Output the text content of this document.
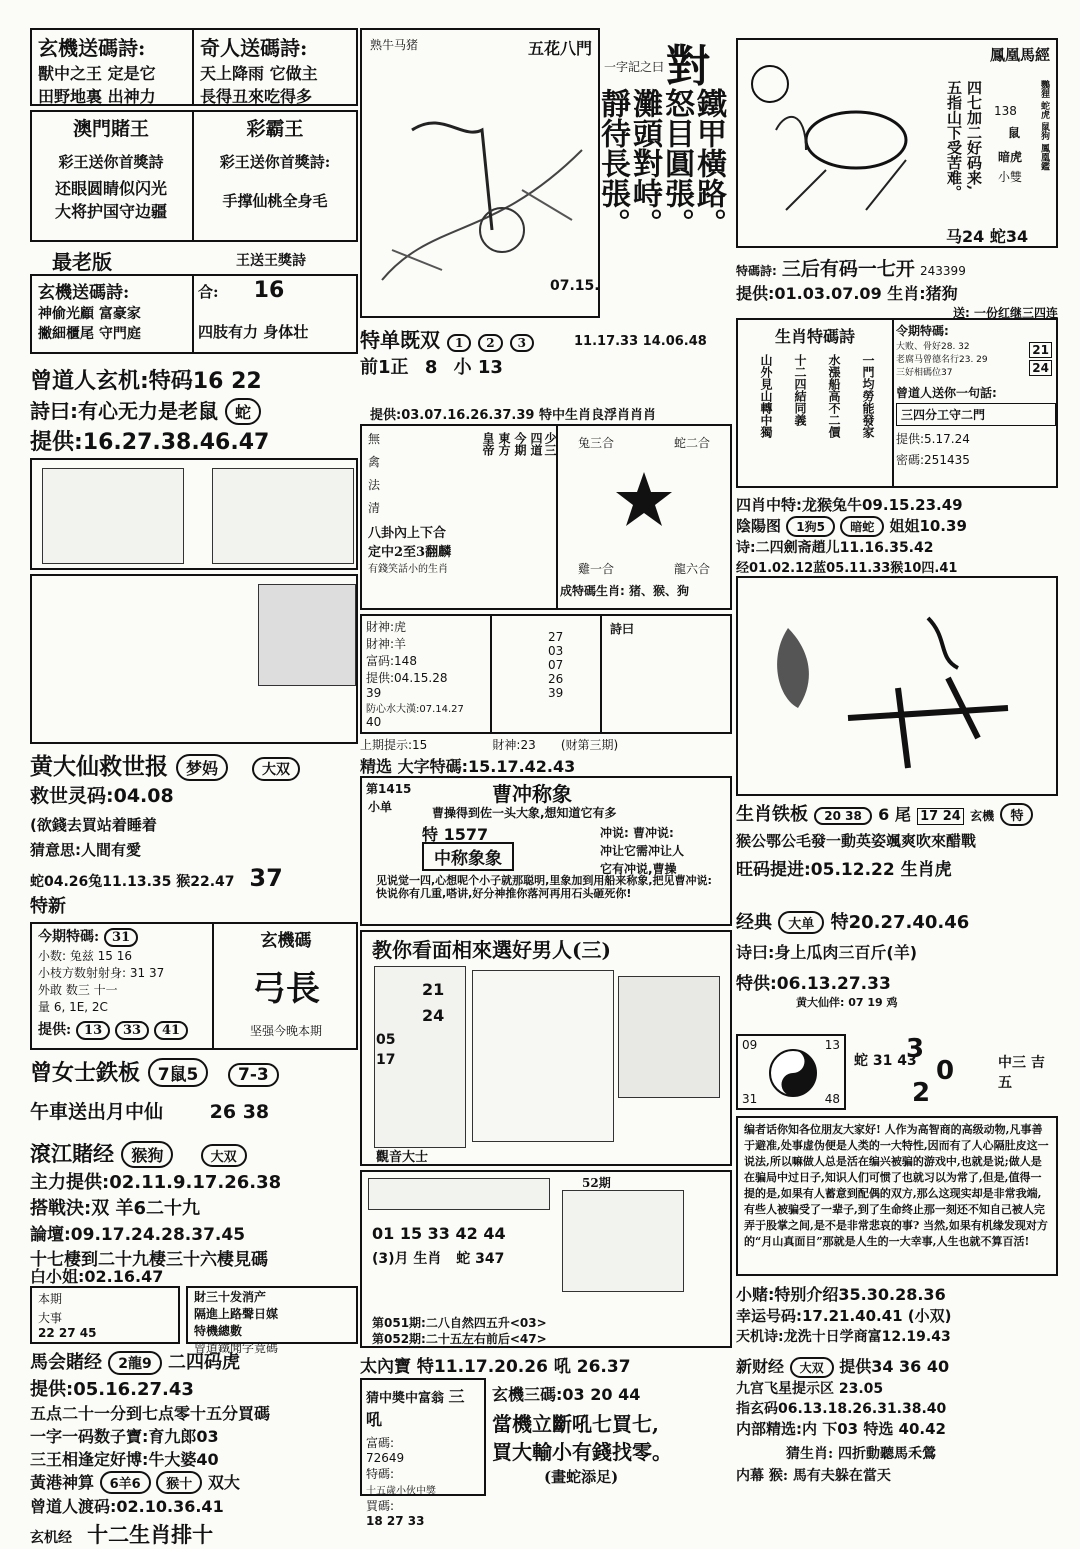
玄機送碼詩:
獸中之王 定是它
田野地裏 出神力
奇人送碼詩:
天上降雨 它做主
長得丑來吃得多
澳門賭王
彩王送你首獎詩
还眼圆睛似闪光
大将护国守边疆
彩霸王
彩王送你首獎詩:
手撑仙桃全身毛
最老版	王送王獎詩
玄機送碼詩:
神偷光顧 富豪家
撇細櫃尾 守門庭
合: 16
四肢有力 身体壮
曾道人玄机:特码16 22
詩曰:有心无力是老鼠 蛇
提供:16.27.38.46.47
黄大仙救世报 梦妈	大双
救世灵码:04.08
(欲錢去買站着睡着
猜意思:人間有愛
蛇04.26兔11.13.35 猴22.47 37
特新
今期特碼: 31
小数: 兔兹 15 16
小枝方数射射身: 31 37
外敢 数三 十一
量 6, 1E, 2C
提供: 13 33 41
玄機碼
弓長
坚强今晚本期
曾女士鉄板 7鼠5 7-3
午車送出月中仙 26 38
滾江賭经 猴狗	大双
主力提供:02.11.9.17.26.38
搭戦決:双 羊6二十九
論壇:09.17.24.28.37.45
十七棲到二十九棲三十六棲見碼
白小姐:02.16.47
本期
大事
22 27 45
財三十发消产
隔進上路聲日媒
特機總數
曾道鐵聞字竟碼
馬会賭经 2龍9 二四码虎
提供:05.16.27.43
五点二十一分到七点零十五分買碼
一字一码数子寶:育九郎03
三王相逢定好博:牛大婆40
黃港神算 6羊6 猴十 双大
曾道人渡码:02.10.36.41
玄机经 十二生肖排十
熟牛马猪	五花八門
一字記之曰 對
鐵甲橫路。
怒目圓張。
灘頭對峙。
靜待長張。
07.15.
11.17.33 14.06.48
特单既双 1 2 3
前1正 8 小 13
提供:03.07.16.26.37.39 特中生肖良浮肖肖肖
無
禽
法
清
八卦內上下合
定中2至3翻麟
有錢笑話小的生肖
皇帝 東方 今期 四道 少三 兔三合	蛇二合
雞一合	龍六合
成特碼生肖: 猪、猴、狗
財神:虎
財神:羊
富码:148
提供:04.15.28
39
防心水大漢:07.14.27
40
27
03
07
26
39
詩曰
上期提示:15	財神:23 (财第三期)
精选 大字特碼:15.17.42.43
第1415
小单
曹冲称象
曹操得到佐一头大象,想知道它有多
特 1577
中称象象
冲说: 曹冲说:
冲让它需冲让人
它有冲说,曹操
见说觉一四,心想呢个小子就那聪明,里象加到用船来称象,把见曹冲说: 快说你有几重,嗒讲,好分神推你落河再用石头砸死你!
教你看面相來選好男人(三)
21
24
05
17
觀音大士
01 15 33 42 44
(3)月 生肖 蛇 347
52期
第051期:二八自然四五升<03>
第052期:二十五左右前后<47>
太內寶 特11.17.20.26 吼 26.37
猜中奬中富翁 三吼
富碼:
72649
特碼:
十五歲小伙中獎
買碼:
18 27 33
玄機三碼:03 20 44
當機立斷吼七買七,
買大輸小有錢找零。
(畫蛇添足)
四七加二好码来,
五指山下受苦难。
鳳凰馬經
138
鼠
暗虎
小雙
鸚狸 蛇虎 鼠狗 鳳凰鑑
马24 蛇34
特碼詩: 三后有码一七开 243399
提供:01.03.07.09 生肖:猪狗
送: 一份红继三四连
生肖特碼詩
一門均勞能發家
水漲船高不二價
十二四結同義
山外見山轉中獨
令期特碼:
大败、骨好28. 32
老腐马曾德名行23. 29
三好相碼位37
21
24
曾道人送你一句話:
三四分工守二門
提供:5.17.24
密碼:251435
四肖中特:龙猴兔牛09.15.23.49
陰陽图 1狗5 暗蛇 姐姐10.39
诗:二四劍斋趙儿11.16.35.42
经01.02.12蓝05.11.33猴10四.41
生肖铁板 20 38 6 尾 17 24 玄機 特
猴公鄂公毛發一動英姿颯爽吹來醋戰
旺码提进:05.12.22 生肖虎
经典 大单 特20.27.40.46
诗曰:身上瓜肉三百斤(羊)
特供:06.13.27.33
黄大仙伴: 07 19 鸡
09	13
31	48
蛇 31 43
3
0
2
中三 吉五
编者话你知各位朋友大家好! 人作为高智商的高级动物,凡事善于避准,处事虚伪便是人类的一大特性,因而有了人心隔肚皮这一说法,所以嘛做人总是活在编兴被骗的游戏中,也就是说;做人是在骗局中过日子,知识人们可惯了也就习以为常了,但是,值得一提的是,如果有人蓄意到配偶的双方,那么这现实却是非常我端,有些人被骗受了一辈子,到了生命终止那一刻还不知自己被人完弄于股掌之间,是不是非常悲哀的事? 当然,如果有机缘发现对方的“月山真面目”那就是人生的一大幸事,人生也就不算百活!
小赌:特别介绍35.30.28.36
幸运号码:17.21.40.41 (小双)
天机诗:龙洗十日学商富12.19.43
新财经 大双 提供34 36 40
九宫飞星提示区 23.05
指玄码06.13.18.26.31.38.40
内部精选:内 下03 特选 40.42
猜生肖: 四折動聽馬禾鶯
内幕 猴: 馬有夫躲在當天
